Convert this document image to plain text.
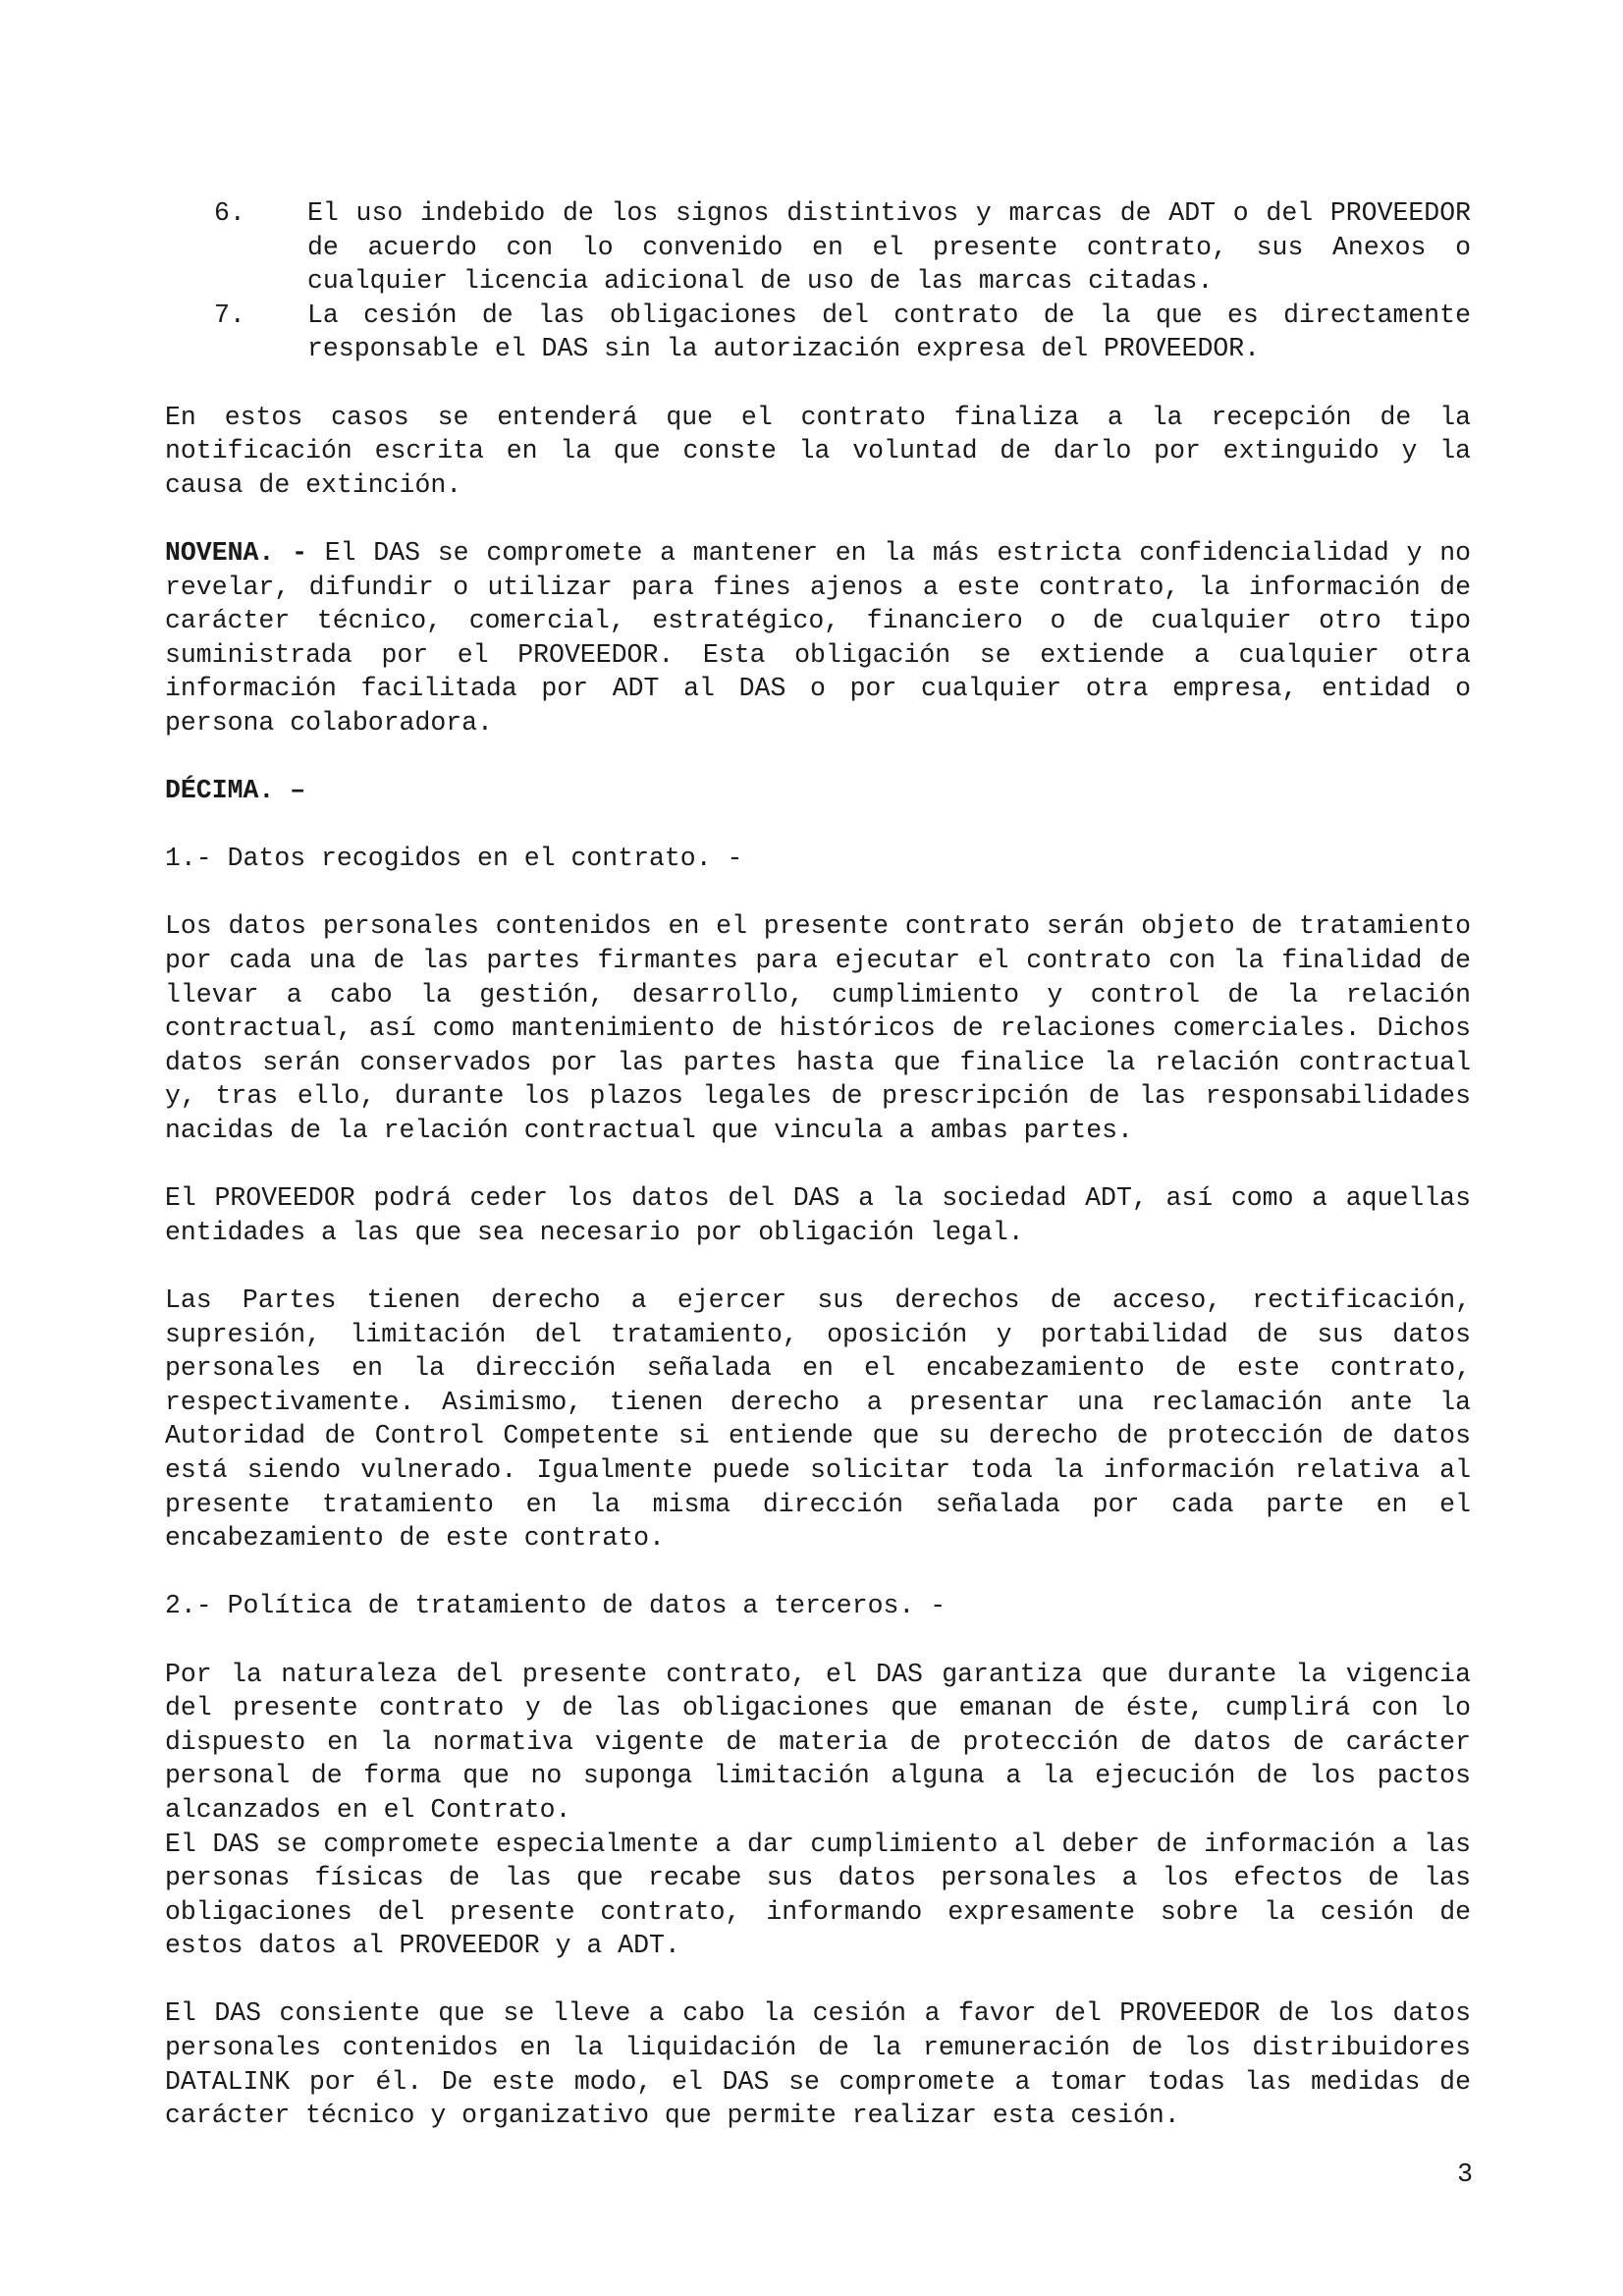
6. El uso indebido de los signos distintivos y marcas de ADT o del PROVEEDOR de acuerdo con lo convenido en el presente contrato, sus Anexos o cualquier licencia adicional de uso de las marcas citadas.
7. La cesión de las obligaciones del contrato de la que es directamente responsable el DAS sin la autorización expresa del PROVEEDOR.

En estos casos se entenderá que el contrato finaliza a la recepción de la notificación escrita en la que conste la voluntad de darlo por extinguido y la causa de extinción.

NOVENA. - El DAS se compromete a mantener en la más estricta confidencialidad y no revelar, difundir o utilizar para fines ajenos a este contrato, la información de carácter técnico, comercial, estratégico, financiero o de cualquier otro tipo suministrada por el PROVEEDOR. Esta obligación se extiende a cualquier otra información facilitada por ADT al DAS o por cualquier otra empresa, entidad o persona colaboradora.

DÉCIMA. –

1.- Datos recogidos en el contrato. -

Los datos personales contenidos en el presente contrato serán objeto de tratamiento por cada una de las partes firmantes para ejecutar el contrato con la finalidad de llevar a cabo la gestión, desarrollo, cumplimiento y control de la relación contractual, así como mantenimiento de históricos de relaciones comerciales. Dichos datos serán conservados por las partes hasta que finalice la relación contractual y, tras ello, durante los plazos legales de prescripción de las responsabilidades nacidas de la relación contractual que vincula a ambas partes.

El PROVEEDOR podrá ceder los datos del DAS a la sociedad ADT, así como a aquellas entidades a las que sea necesario por obligación legal.

Las Partes tienen derecho a ejercer sus derechos de acceso, rectificación, supresión, limitación del tratamiento, oposición y portabilidad de sus datos personales en la dirección señalada en el encabezamiento de este contrato, respectivamente. Asimismo, tienen derecho a presentar una reclamación ante la Autoridad de Control Competente si entiende que su derecho de protección de datos está siendo vulnerado. Igualmente puede solicitar toda la información relativa al presente tratamiento en la misma dirección señalada por cada parte en el encabezamiento de este contrato.

2.- Política de tratamiento de datos a terceros. -

Por la naturaleza del presente contrato, el DAS garantiza que durante la vigencia del presente contrato y de las obligaciones que emanan de éste, cumplirá con lo dispuesto en la normativa vigente de materia de protección de datos de carácter personal de forma que no suponga limitación alguna a la ejecución de los pactos alcanzados en el Contrato.

El DAS se compromete especialmente a dar cumplimiento al deber de información a las personas físicas de las que recabe sus datos personales a los efectos de las obligaciones del presente contrato, informando expresamente sobre la cesión de estos datos al PROVEEDOR y a ADT.

El DAS consiente que se lleve a cabo la cesión a favor del PROVEEDOR de los datos personales contenidos en la liquidación de la remuneración de los distribuidores DATALINK por él. De este modo, el DAS se compromete a tomar todas las medidas de carácter técnico y organizativo que permite realizar esta cesión.

3
